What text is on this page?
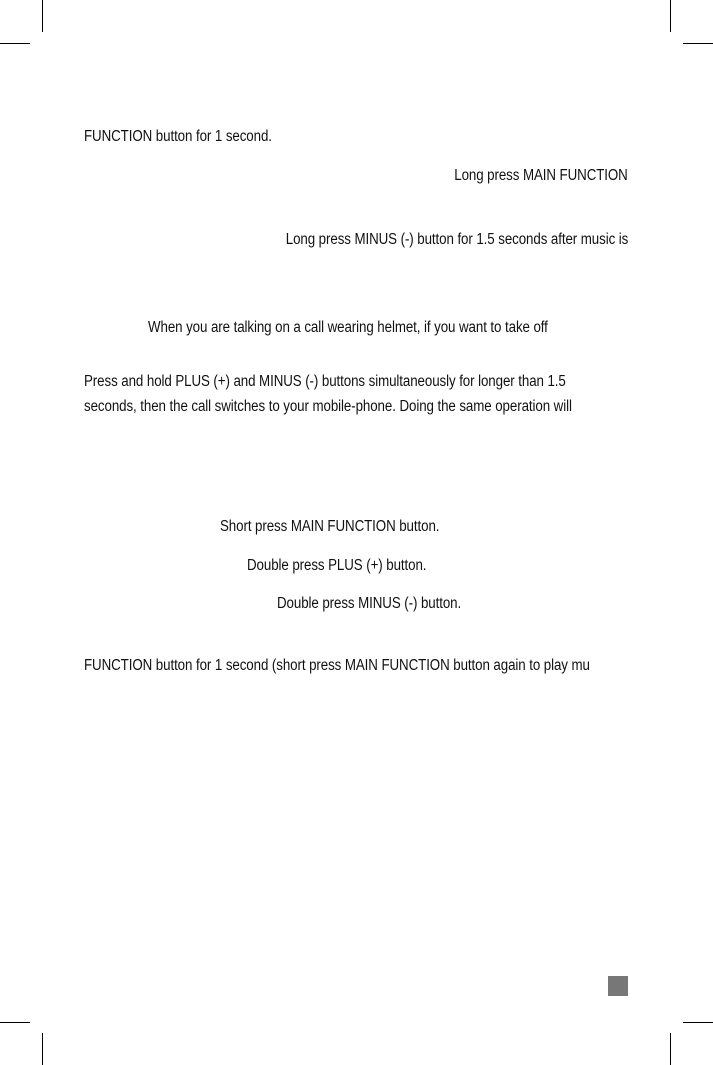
FUNCTION button for 1 second.
Long press MAIN FUNCTION
Long press MINUS (-) button for 1.5 seconds after music is
When you are talking on a call wearing helmet, if you want to take off
Press and hold PLUS (+) and MINUS (-) buttons simultaneously for longer than 1.5
seconds, then the call switches to your mobile-phone. Doing the same operation will
Short press MAIN FUNCTION button.
Double press PLUS (+) button.
Double press MINUS (-) button.
FUNCTION button for 1 second (short press MAIN FUNCTION button again to play mu
